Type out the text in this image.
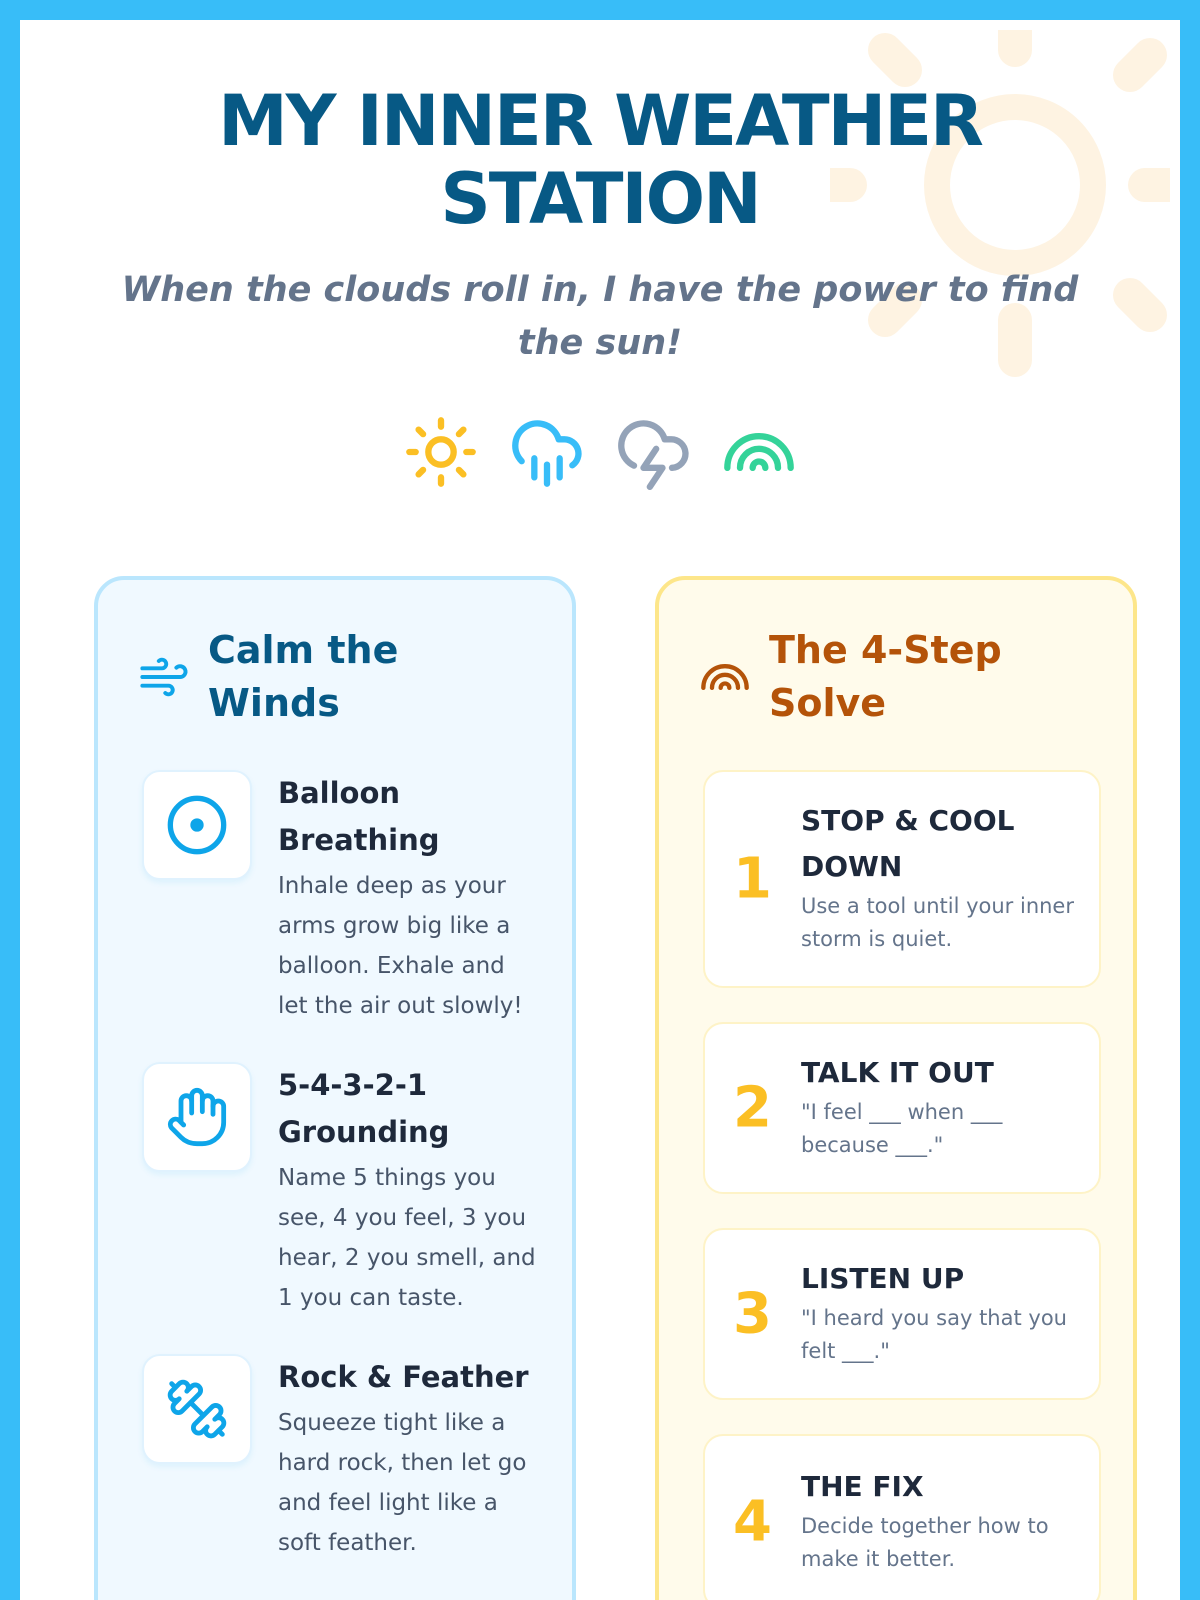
MY INNER WEATHER
STATION

When the clouds roll in, I have the power to find the sun!

Calm the Winds
Balloon Breathing
Inhale deep as your arms grow big like a balloon. Exhale and let the air out slowly!
5-4-3-2-1 Grounding
Name 5 things you see, 4 you feel, 3 you hear, 2 you smell, and 1 you can taste.
Rock & Feather
Squeeze tight like a hard rock, then let go and feel light like a soft feather.
The 4-Step Solve
1
STOP & COOL DOWN
Use a tool until your inner storm is quiet.
2
TALK IT OUT
"I feel ___ when ___ because ___."
3
LISTEN UP
"I heard you say that you felt ___."
4
THE FIX
Decide together how to make it better.
